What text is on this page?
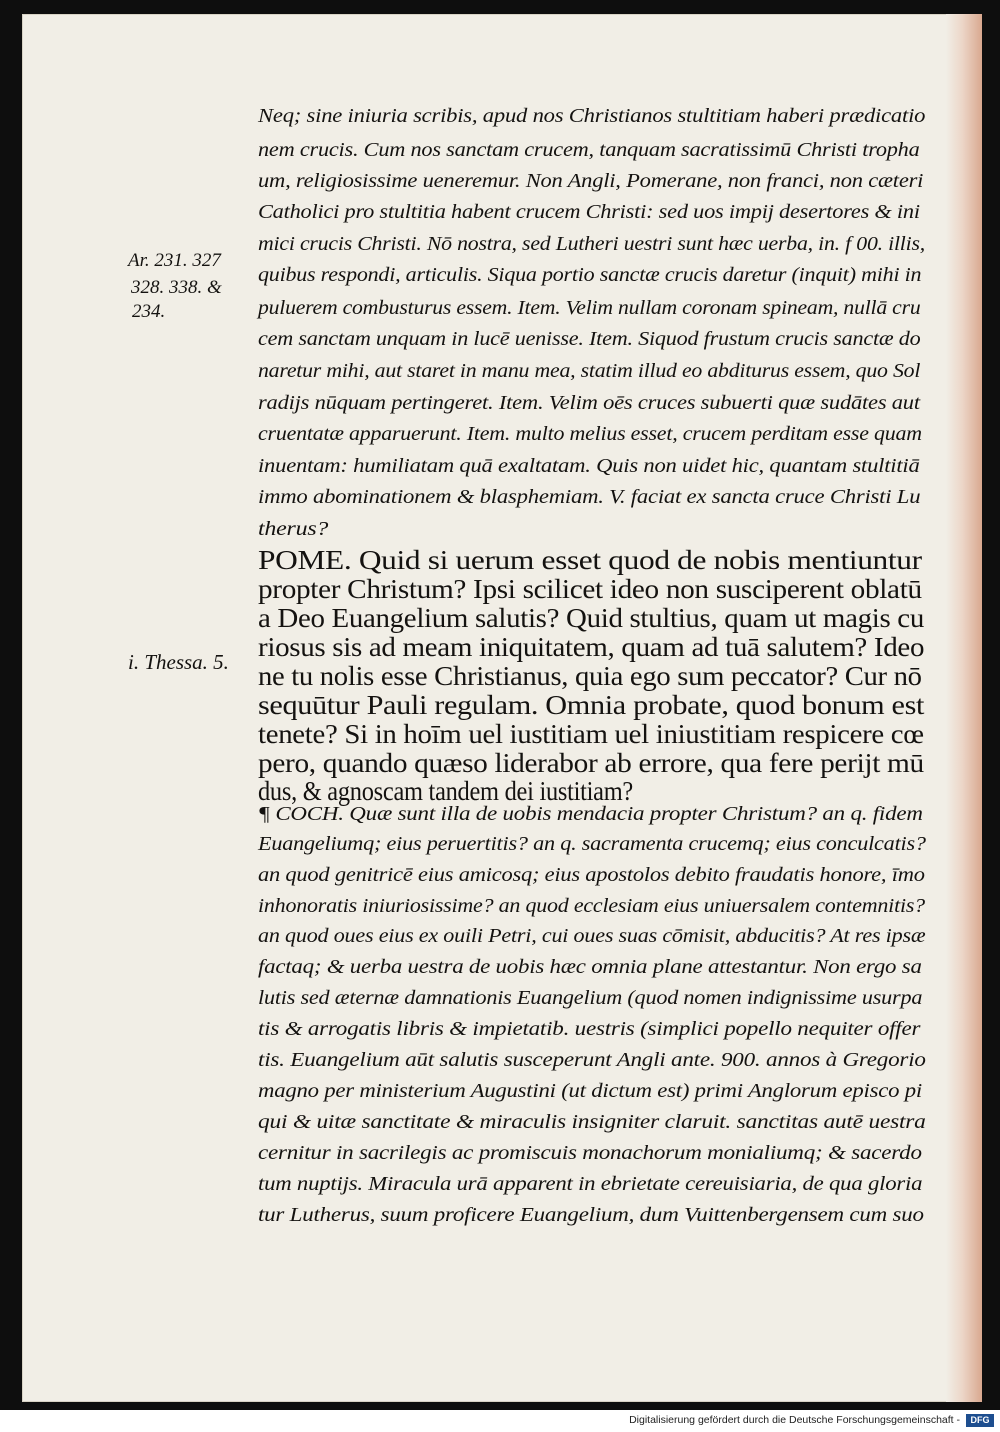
Neq; sine iniuria scribis, apud nos Christianos stultitiam haberi prædicatio
nem crucis. Cum nos sanctam crucem, tanquam sacratissimū Christi tropha
um, religiosissime ueneremur. Non Angli, Pomerane, non franci, non cæteri
Catholici pro stultitia habent crucem Christi: sed uos impij desertores & ini
mici crucis Christi. Nō nostra, sed Lutheri uestri sunt hæc uerba, in. f 00. illis,
quibus respondi, articulis. Siqua portio sanctæ crucis daretur (inquit) mihi in
puluerem combusturus essem. Item. Velim nullam coronam spineam, nullā cru
cem sanctam unquam in lucē uenisse. Item. Siquod frustum crucis sanctæ do
naretur mihi, aut staret in manu mea, statim illud eo abditurus essem, quo Sol
radijs nūquam pertingeret. Item. Velim oēs cruces subuerti quæ sudātes aut
cruentatæ apparuerunt. Item. multo melius esset, crucem perditam esse quam
inuentam: humiliatam quā exaltatam. Quis non uidet hic, quantam stultitiā
immo abominationem & blasphemiam. V. faciat ex sancta cruce Christi Lu
therus?
POME. Quid si uerum esset quod de nobis mentiuntur
propter Christum? Ipsi scilicet ideo non susciperent oblatū
a Deo Euangelium salutis? Quid stultius, quam ut magis cu
riosus sis ad meam iniquitatem, quam ad tuā salutem? Ideo
ne tu nolis esse Christianus, quia ego sum peccator? Cur nō
sequūtur Pauli regulam. Omnia probate, quod bonum est
tenete? Si in hoīm uel iustitiam uel iniustitiam respicere cœ
pero, quando quæso liderabor ab errore, qua fere perijt mū
dus, & agnoscam tandem dei iustitiam?
¶ COCH. Quæ sunt illa de uobis mendacia propter Christum? an q. fidem
Euangeliumq; eius peruertitis? an q. sacramenta crucemq; eius conculcatis?
an quod genitricē eius amicosq; eius apostolos debito fraudatis honore, īmo
inhonoratis iniuriosissime? an quod ecclesiam eius uniuersalem contemnitis?
an quod oues eius ex ouili Petri, cui oues suas cōmisit, abducitis? At res ipsæ
factaq; & uerba uestra de uobis hæc omnia plane attestantur. Non ergo sa
lutis sed æternæ damnationis Euangelium (quod nomen indignissime usurpa
tis & arrogatis libris & impietatib. uestris (simplici popello nequiter offer
tis. Euangelium aūt salutis susceperunt Angli ante. 900. annos à Gregorio
magno per ministerium Augustini (ut dictum est) primi Anglorum episco pi
qui & uitæ sanctitate & miraculis insigniter claruit. sanctitas autē uestra
cernitur in sacrilegis ac promiscuis monachorum monialiumq; & sacerdo
tum nuptijs. Miracula urā apparent in ebrietate cereuisiaria, de qua gloria
tur Lutherus, suum proficere Euangelium, dum Vuittenbergensem cum suo
Ar. 231. 327
328. 338. &
234.
i. Thessa. 5.
Digitalisierung gefördert durch die Deutsche Forschungsgemeinschaft -	DFG
